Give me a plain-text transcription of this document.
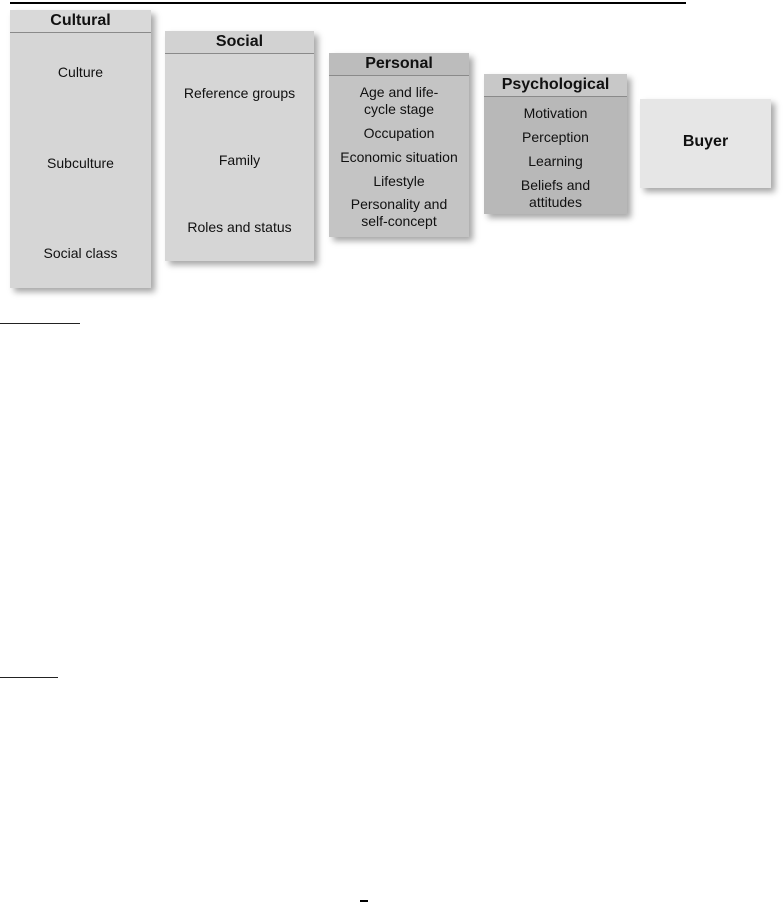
Cultural
Culture
Subculture
Social class
Social
Reference groups
Family
Roles and status
Personal
Age and life-
cycle stage
Occupation
Economic situation
Lifestyle
Personality and
self-concept
Psychological
Motivation
Perception
Learning
Beliefs and
attitudes
Buyer
